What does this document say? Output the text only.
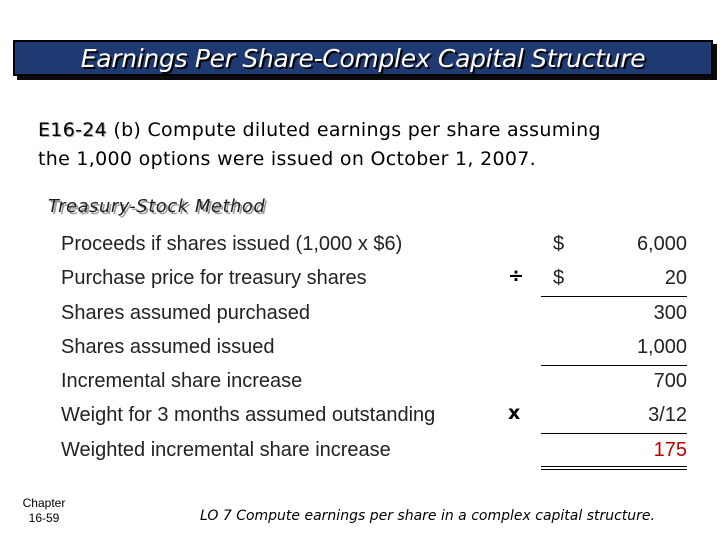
Earnings Per Share-Complex Capital Structure
E16-24 (b) Compute diluted earnings per share assuming
the 1,000 options were issued on October 1, 2007.
Treasury-Stock Method
Proceeds if shares issued (1,000 x $6)	$	6,000
Purchase price for treasury shares	÷ $	20
Shares assumed purchased	300
Shares assumed issued	1,000
Incremental share increase	700
Weight for 3 months assumed outstanding	x	3/12
Weighted incremental share increase	175
Chapter
16-59	LO 7 Compute earnings per share in a complex capital structure.
